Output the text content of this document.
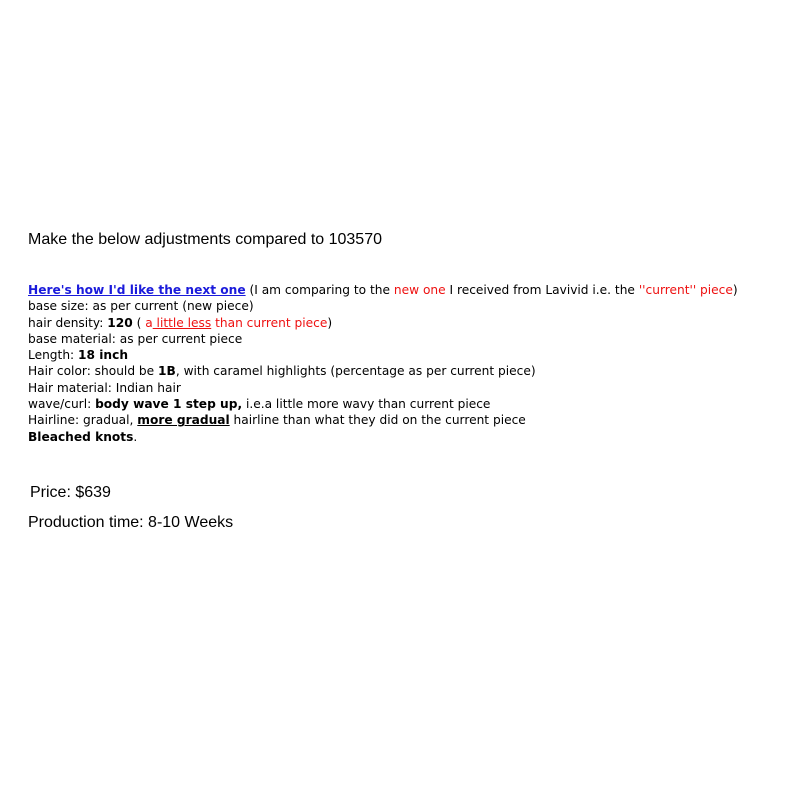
Make the below adjustments compared to 103570

Here's how I'd like the next one (I am comparing to the new one I received from Lavivid i.e. the ''current'' piece)
base size: as per current (new piece)
hair density: 120 ( a little less than current piece)
base material: as per current piece
Length: 18 inch
Hair color: should be 1B, with caramel highlights (percentage as per current piece)
Hair material: Indian hair
wave/curl: body wave 1 step up, i.e.a little more wavy than current piece
Hairline: gradual, more gradual hairline than what they did on the current piece
Bleached knots.
Price: $639
Production time: 8-10 Weeks
